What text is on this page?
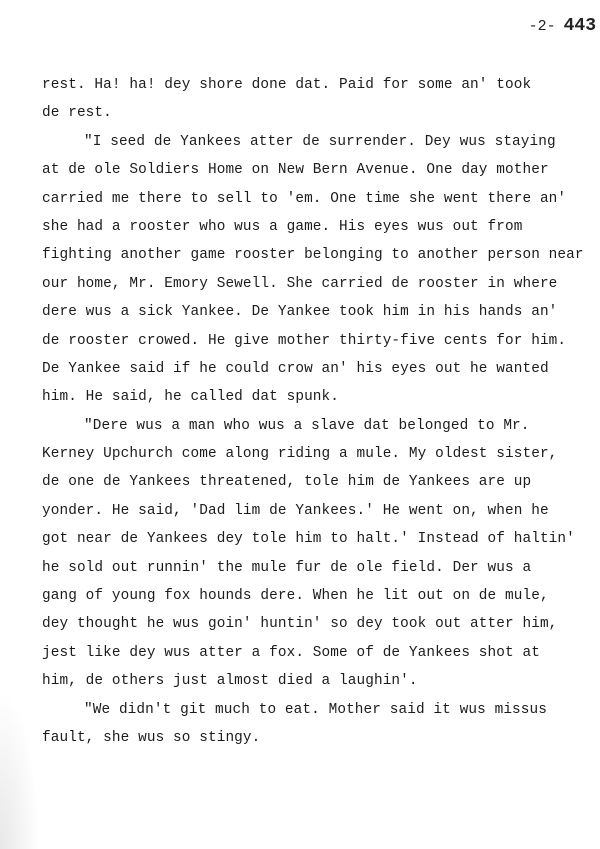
-2- 443
rest. Ha! ha! dey shore done dat. Paid for some an' took
de rest.
"I seed de Yankees atter de surrender. Dey wus staying
at de ole Soldiers Home on New Bern Avenue. One day mother
carried me there to sell to 'em. One time she went there an'
she had a rooster who wus a game. His eyes wus out from
fighting another game rooster belonging to another person near
our home, Mr. Emory Sewell. She carried de rooster in where
dere wus a sick Yankee. De Yankee took him in his hands an'
de rooster crowed. He give mother thirty-five cents for him.
De Yankee said if he could crow an' his eyes out he wanted
him. He said, he called dat spunk.
"Dere wus a man who wus a slave dat belonged to Mr.
Kerney Upchurch come along riding a mule. My oldest sister,
de one de Yankees threatened, tole him de Yankees are up
yonder. He said, 'Dad lim de Yankees.' He went on, when he
got near de Yankees dey tole him to halt.' Instead of haltin'
he sold out runnin' the mule fur de ole field. Der wus a
gang of young fox hounds dere. When he lit out on de mule,
dey thought he wus goin' huntin' so dey took out atter him,
jest like dey wus atter a fox. Some of de Yankees shot at
him, de others just almost died a laughin'.
"We didn't git much to eat. Mother said it wus missus
fault, she wus so stingy.
